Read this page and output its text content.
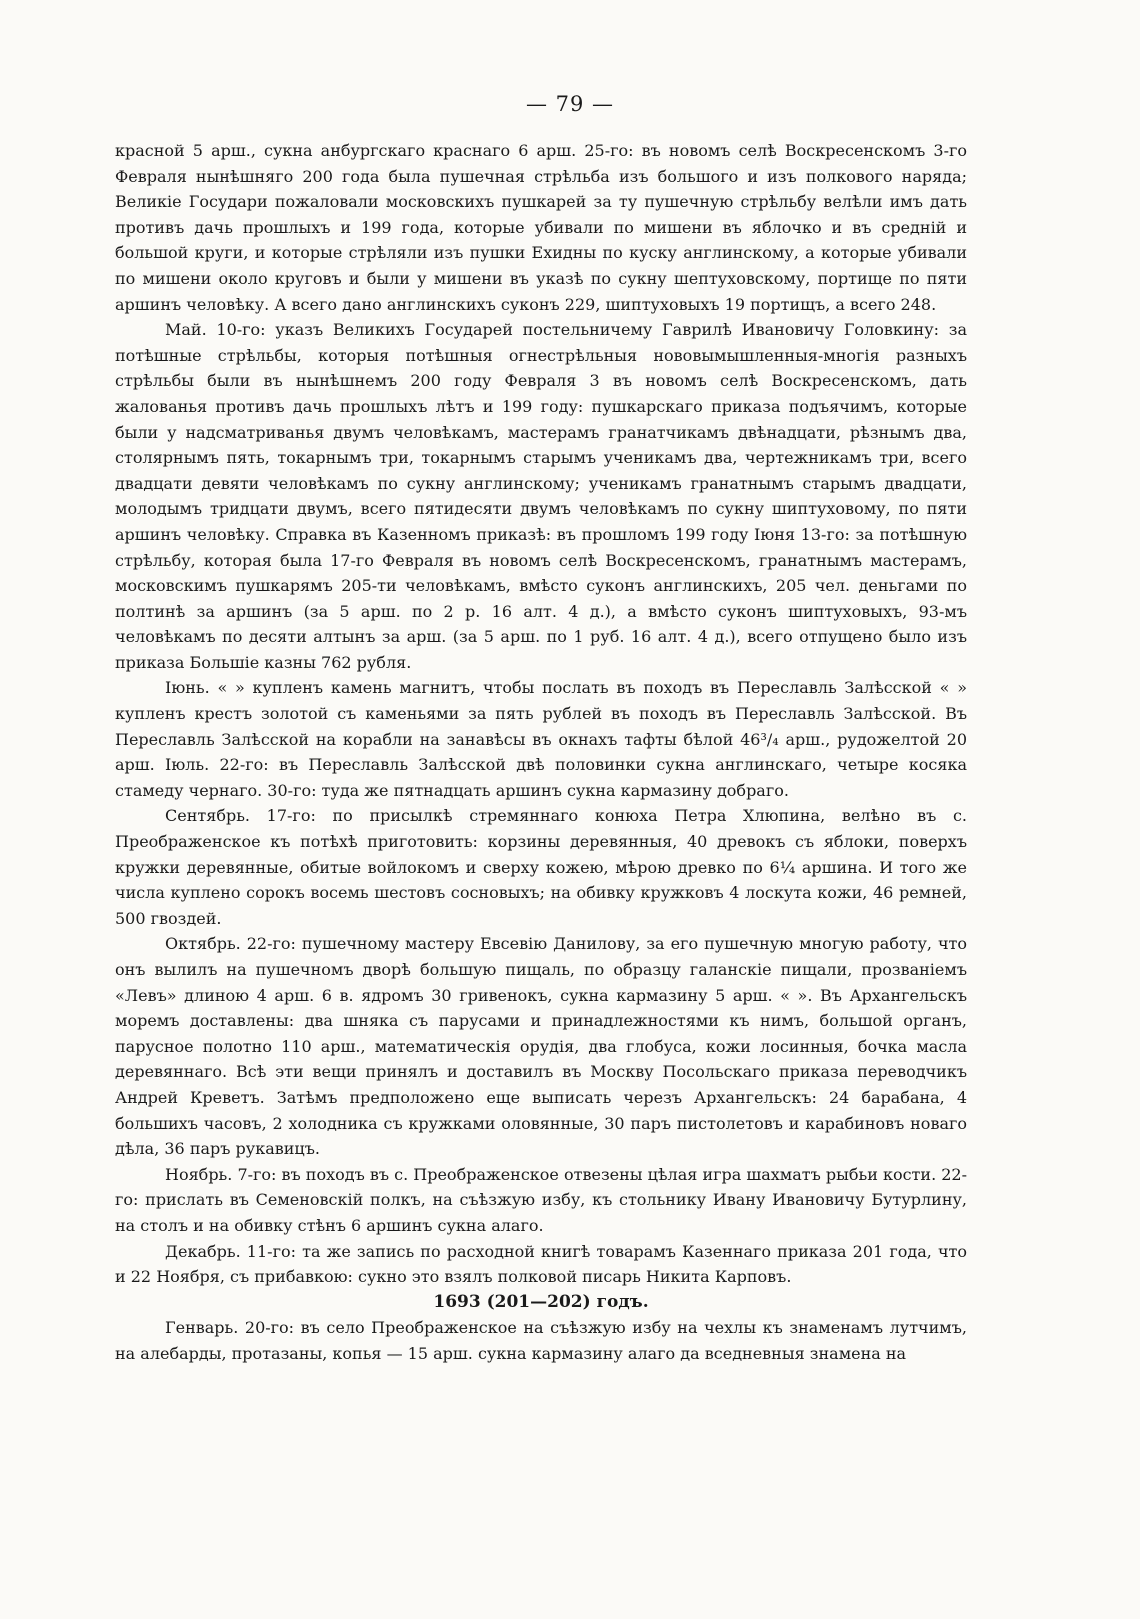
— 79 —

красной 5 арш., сукна анбургскаго краснаго 6 арш. 25-го: въ новомъ селѣ Воскресенскомъ 3-го Февраля нынѣшняго 200 года была пушечная стрѣльба изъ большого и изъ полкового наряда; Великіе Государи пожаловали московскихъ пушкарей за ту пушечную стрѣльбу велѣли имъ дать противъ дачь прошлыхъ и 199 года, которые убивали по мишени въ яблочко и въ средній и большой круги, и которые стрѣляли изъ пушки Ехидны по куску англинскому, а которые убивали по мишени около круговъ и были у мишени въ указѣ по сукну шептуховскому, портище по пяти аршинъ человѣку. А всего дано англинскихъ суконъ 229, шиптуховыхъ 19 портищъ, а всего 248.

Май. 10-го: указъ Великихъ Государей постельничему Гаврилѣ Ивановичу Головкину: за потѣшные стрѣльбы, которыя потѣшныя огнестрѣльныя нововымышленныя-многія разныхъ стрѣльбы были въ нынѣшнемъ 200 году Февраля 3 въ новомъ селѣ Воскресенскомъ, дать жалованья противъ дачь прошлыхъ лѣтъ и 199 году: пушкарскаго приказа подъячимъ, которые были у надсматриванья двумъ человѣкамъ, мастерамъ гранатчикамъ двѣнадцати, рѣзнымъ два, столярнымъ пять, токарнымъ три, токарнымъ старымъ ученикамъ два, чертежникамъ три, всего двадцати девяти человѣкамъ по сукну англинскому; ученикамъ гранатнымъ старымъ двадцати, молодымъ тридцати двумъ, всего пятидесяти двумъ человѣкамъ по сукну шиптуховому, по пяти аршинъ человѣку. Справка въ Казенномъ приказѣ: въ прошломъ 199 году Іюня 13-го: за потѣшную стрѣльбу, которая была 17-го Февраля въ новомъ селѣ Воскресенскомъ, гранатнымъ мастерамъ, московскимъ пушкарямъ 205-ти человѣкамъ, вмѣсто суконъ англинскихъ, 205 чел. деньгами по полтинѣ за аршинъ (за 5 арш. по 2 р. 16 алт. 4 д.), а вмѣсто суконъ шиптуховыхъ, 93-мъ человѣкамъ по десяти алтынъ за арш. (за 5 арш. по 1 руб. 16 алт. 4 д.), всего отпущено было изъ приказа Большіе казны 762 рубля.

Іюнь. « » купленъ камень магнитъ, чтобы послать въ походъ въ Переславль Залѣсской « » купленъ крестъ золотой съ каменьями за пять рублей въ походъ въ Переславль Залѣсской. Въ Переславль Залѣсской на корабли на занавѣсы въ окнахъ тафты бѣлой 46³/₄ арш., рудожелтой 20 арш. Іюль. 22-го: въ Переславль Залѣсской двѣ половинки сукна англинскаго, четыре косяка стамеду чернаго. 30-го: туда же пятнадцать аршинъ сукна кармазину добраго.

Сентябрь. 17-го: по присылкѣ стремяннаго конюха Петра Хлюпина, велѣно въ с. Преображенское къ потѣхѣ приготовить: корзины деревянныя, 40 древокъ съ яблоки, поверхъ кружки деревянные, обитые войлокомъ и сверху кожею, мѣрою древко по 6¼ аршина. И того же числа куплено сорокъ восемь шестовъ сосновыхъ; на обивку кружковъ 4 лоскута кожи, 46 ремней, 500 гвоздей.

Октябрь. 22-го: пушечному мастеру Евсевію Данилову, за его пушечную многую работу, что онъ вылилъ на пушечномъ дворѣ большую пищаль, по образцу галанскіе пищали, прозваніемъ «Левъ» длиною 4 арш. 6 в. ядромъ 30 гривенокъ, сукна кармазину 5 арш. « ». Въ Архангельскъ моремъ доставлены: два шняка съ парусами и принадлежностями къ нимъ, большой органъ, парусное полотно 110 арш., математическія орудія, два глобуса, кожи лосинныя, бочка масла деревяннаго. Всѣ эти вещи принялъ и доставилъ въ Москву Посольскаго приказа переводчикъ Андрей Креветъ. Затѣмъ предположено еще выписать черезъ Архангельскъ: 24 барабана, 4 большихъ часовъ, 2 холодника съ кружками оловянные, 30 паръ пистолетовъ и карабиновъ новаго дѣла, 36 паръ рукавицъ.

Ноябрь. 7-го: въ походъ въ с. Преображенское отвезены цѣлая игра шахматъ рыбьи кости. 22-го: прислать въ Семеновскій полкъ, на съѣзжую избу, къ стольнику Ивану Ивановичу Бутурлину, на столъ и на обивку стѣнъ 6 аршинъ сукна алаго.

Декабрь. 11-го: та же запись по расходной книгѣ товарамъ Казеннаго приказа 201 года, что и 22 Ноября, съ прибавкою: сукно это взялъ полковой писарь Никита Карповъ.

1693 (201—202) годъ.

Генварь. 20-го: въ село Преображенское на съѣзжую избу на чехлы къ знаменамъ лутчимъ, на алебарды, протазаны, копья — 15 арш. сукна кармазину алаго да вседневныя знамена на
